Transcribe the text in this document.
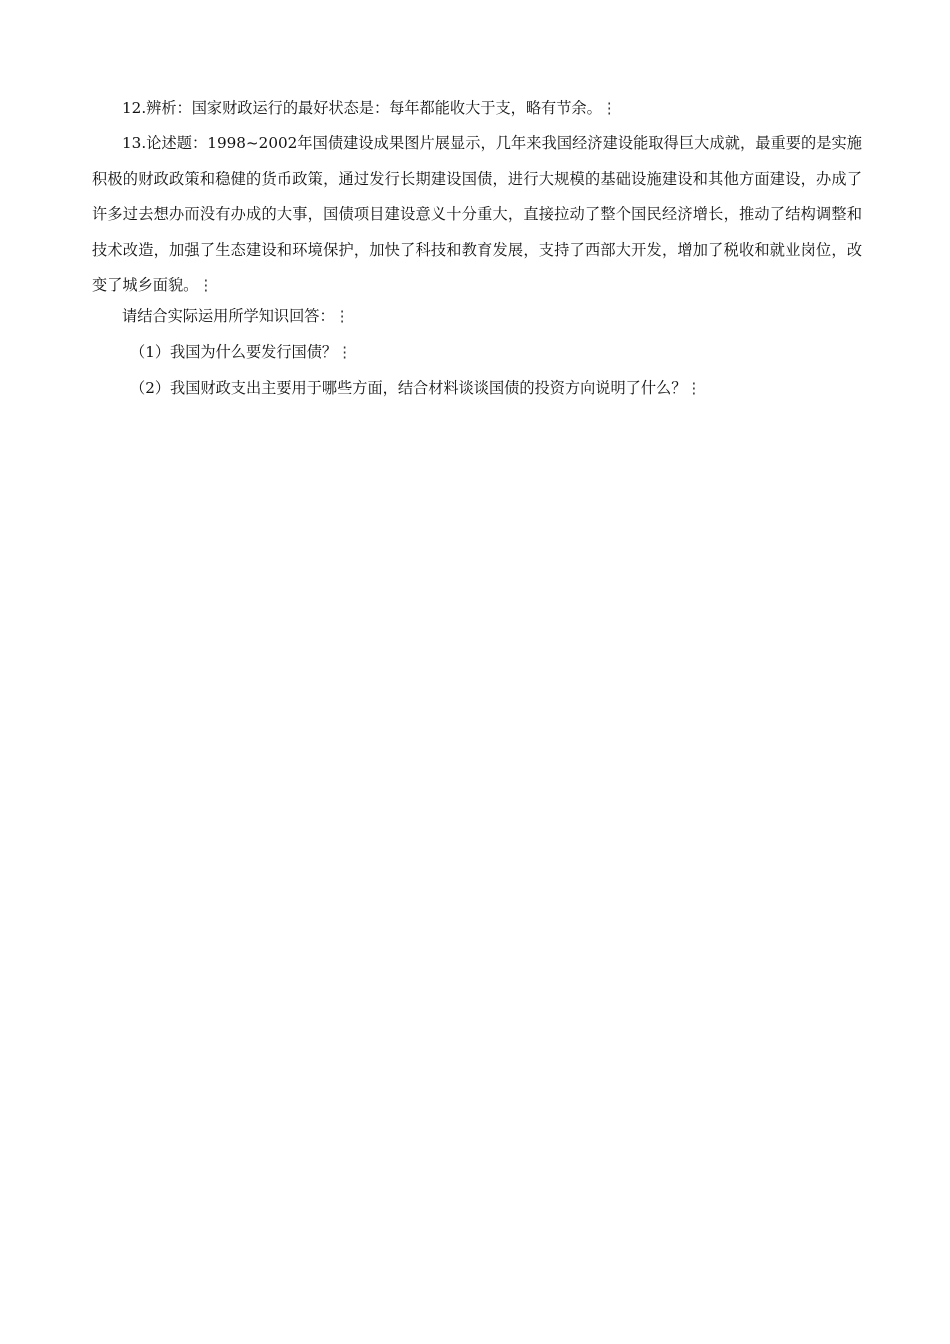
12.辨析：国家财政运行的最好状态是：每年都能收大于支，略有节余。⋮

13.论述题：1998~2002年国债建设成果图片展显示，几年来我国经济建设能取得巨大成就，最重要的是实施积极的财政政策和稳健的货币政策，通过发行长期建设国债，进行大规模的基础设施建设和其他方面建设，办成了许多过去想办而没有办成的大事，国债项目建设意义十分重大，直接拉动了整个国民经济增长，推动了结构调整和技术改造，加强了生态建设和环境保护，加快了科技和教育发展，支持了西部大开发，增加了税收和就业岗位，改变了城乡面貌。⋮

请结合实际运用所学知识回答：⋮

（1）我国为什么要发行国债？⋮

（2）我国财政支出主要用于哪些方面，结合材料谈谈国债的投资方向说明了什么？⋮
